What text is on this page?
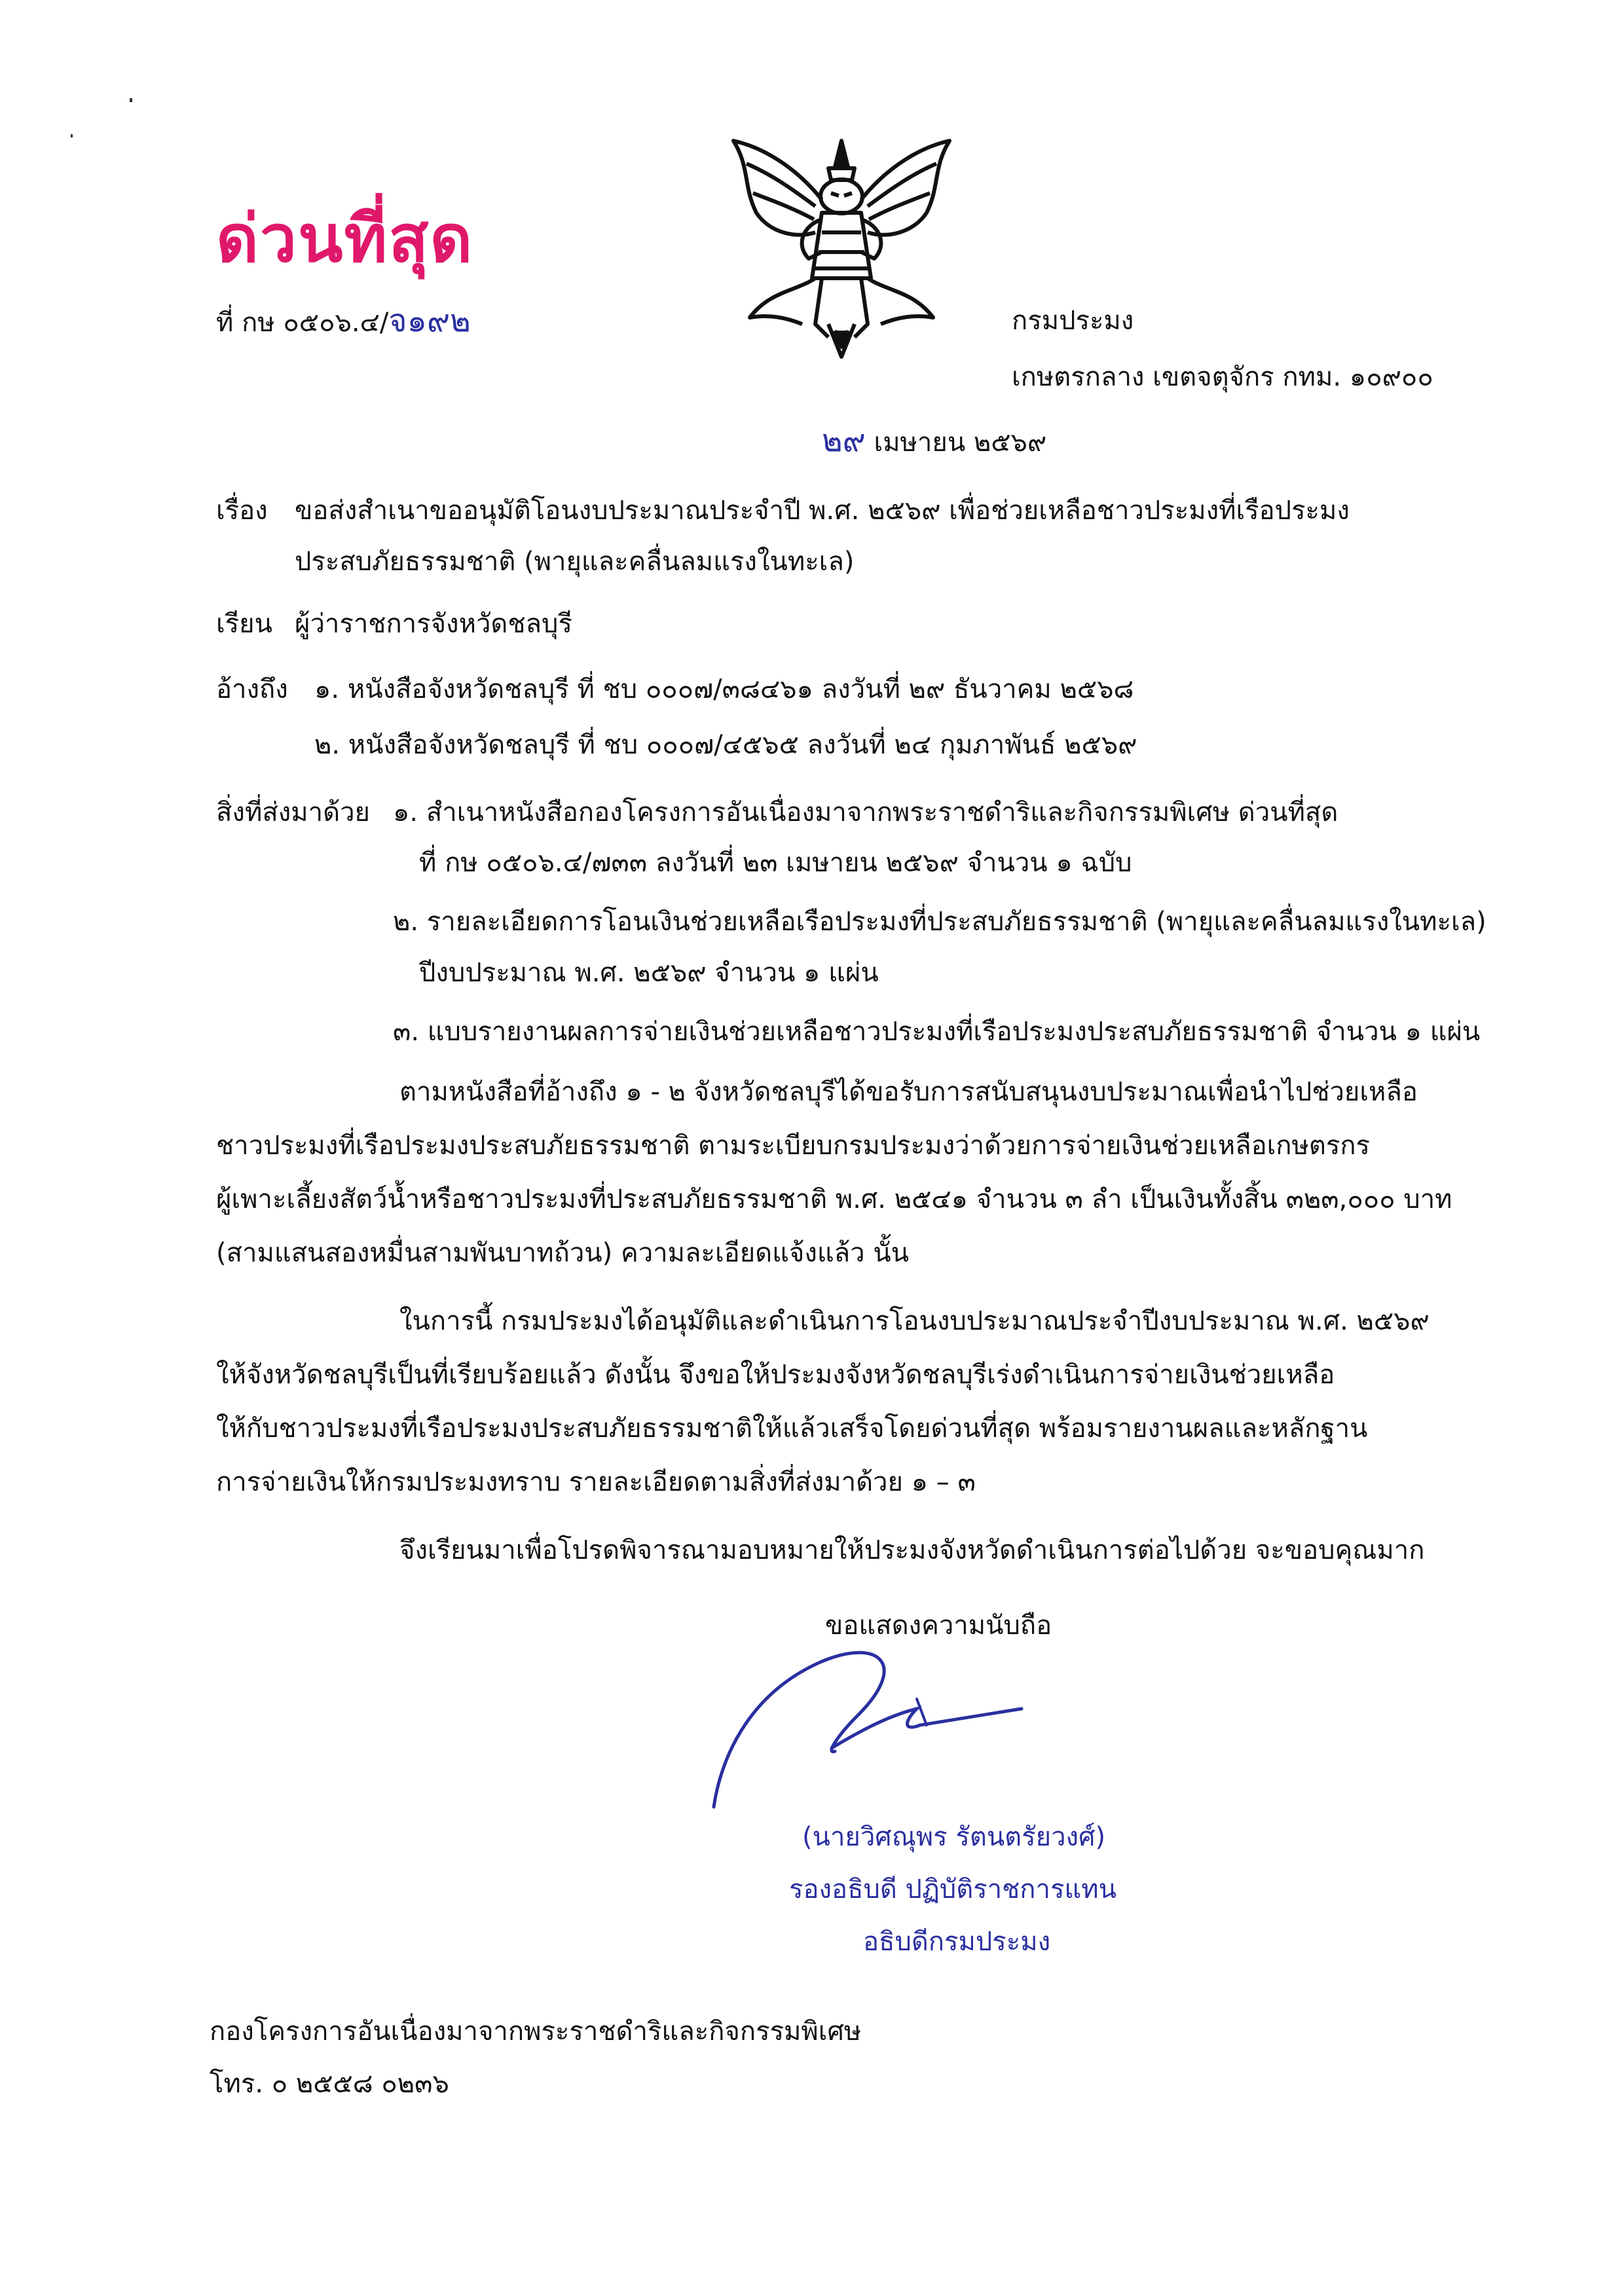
ด่วนที่สุด
ที่ กษ ๐๕๐๖.๔/จ๑๙๒	กรมประมง
เกษตรกลาง เขตจตุจักร กทม. ๑๐๙๐๐
๒๙ เมษายน ๒๕๖๙
เรื่อง ขอส่งสำเนาขออนุมัติโอนงบประมาณประจำปี พ.ศ. ๒๕๖๙ เพื่อช่วยเหลือชาวประมงที่เรือประมง
ประสบภัยธรรมชาติ (พายุและคลื่นลมแรงในทะเล)
เรียน ผู้ว่าราชการจังหวัดชลบุรี
อ้างถึง ๑. หนังสือจังหวัดชลบุรี ที่ ชบ ๐๐๐๗/๓๘๔๖๑ ลงวันที่ ๒๙ ธันวาคม ๒๕๖๘
๒. หนังสือจังหวัดชลบุรี ที่ ชบ ๐๐๐๗/๔๕๖๕ ลงวันที่ ๒๔ กุมภาพันธ์ ๒๕๖๙
สิ่งที่ส่งมาด้วย ๑. สำเนาหนังสือกองโครงการอันเนื่องมาจากพระราชดำริและกิจกรรมพิเศษ ด่วนที่สุด
ที่ กษ ๐๕๐๖.๔/๗๓๓ ลงวันที่ ๒๓ เมษายน ๒๕๖๙ จำนวน ๑ ฉบับ
๒. รายละเอียดการโอนเงินช่วยเหลือเรือประมงที่ประสบภัยธรรมชาติ (พายุและคลื่นลมแรงในทะเล)
ปีงบประมาณ พ.ศ. ๒๕๖๙ จำนวน ๑ แผ่น
๓. แบบรายงานผลการจ่ายเงินช่วยเหลือชาวประมงที่เรือประมงประสบภัยธรรมชาติ จำนวน ๑ แผ่น
ตามหนังสือที่อ้างถึง ๑ - ๒ จังหวัดชลบุรีได้ขอรับการสนับสนุนงบประมาณเพื่อนำไปช่วยเหลือ
ชาวประมงที่เรือประมงประสบภัยธรรมชาติ ตามระเบียบกรมประมงว่าด้วยการจ่ายเงินช่วยเหลือเกษตรกร
ผู้เพาะเลี้ยงสัตว์น้ำหรือชาวประมงที่ประสบภัยธรรมชาติ พ.ศ. ๒๕๔๑ จำนวน ๓ ลำ เป็นเงินทั้งสิ้น ๓๒๓,๐๐๐ บาท
(สามแสนสองหมื่นสามพันบาทถ้วน) ความละเอียดแจ้งแล้ว นั้น
ในการนี้ กรมประมงได้อนุมัติและดำเนินการโอนงบประมาณประจำปีงบประมาณ พ.ศ. ๒๕๖๙
ให้จังหวัดชลบุรีเป็นที่เรียบร้อยแล้ว ดังนั้น จึงขอให้ประมงจังหวัดชลบุรีเร่งดำเนินการจ่ายเงินช่วยเหลือ
ให้กับชาวประมงที่เรือประมงประสบภัยธรรมชาติให้แล้วเสร็จโดยด่วนที่สุด พร้อมรายงานผลและหลักฐาน
การจ่ายเงินให้กรมประมงทราบ รายละเอียดตามสิ่งที่ส่งมาด้วย ๑ – ๓
จึงเรียนมาเพื่อโปรดพิจารณามอบหมายให้ประมงจังหวัดดำเนินการต่อไปด้วย จะขอบคุณมาก
ขอแสดงความนับถือ
(นายวิศณุพร รัตนตรัยวงศ์)
รองอธิบดี ปฏิบัติราชการแทน
อธิบดีกรมประมง
กองโครงการอันเนื่องมาจากพระราชดำริและกิจกรรมพิเศษ
โทร. ๐ ๒๕๕๘ ๐๒๓๖
